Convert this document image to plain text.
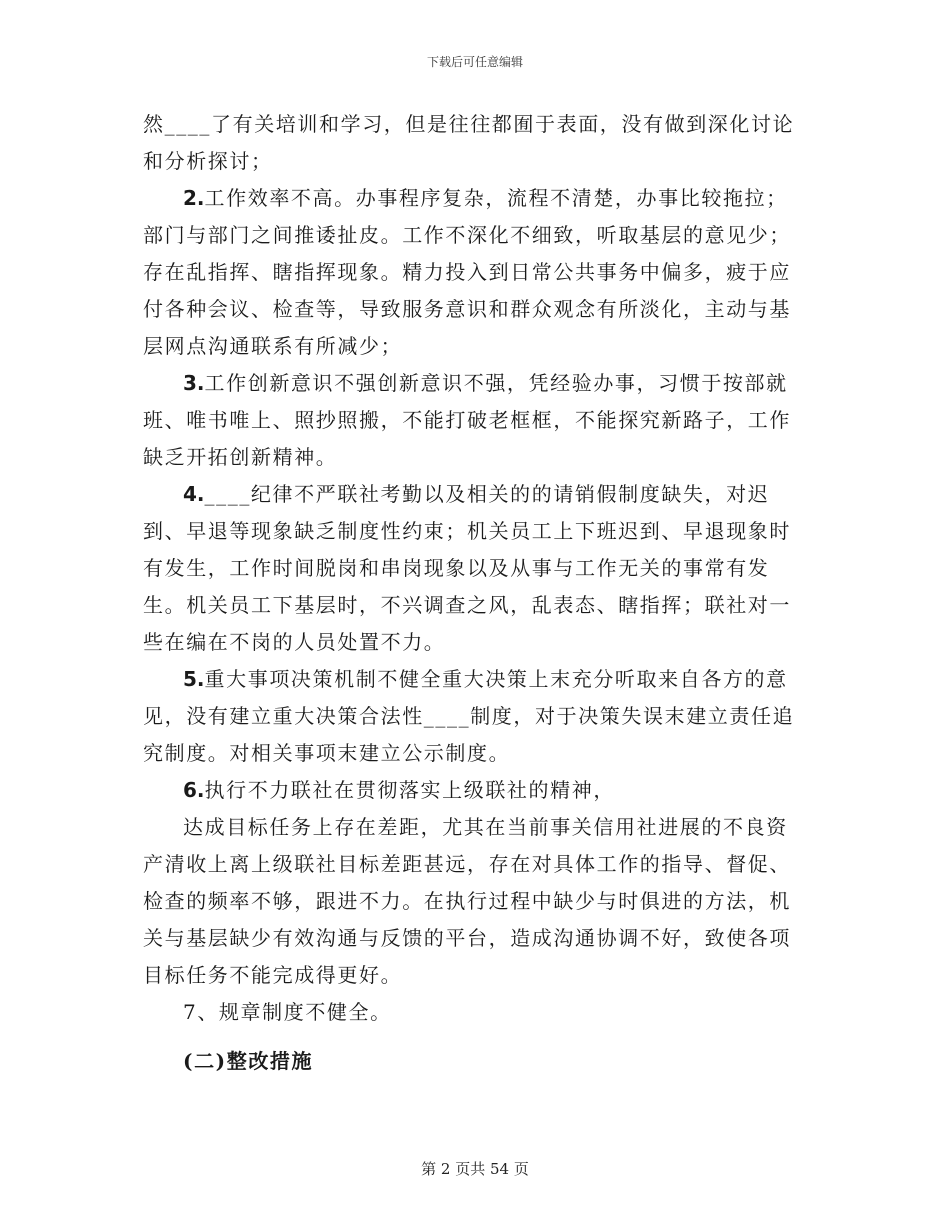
下载后可任意编辑

然____了有关培训和学习，但是往往都囿于表面，没有做到深化讨论和分析探讨；

2.工作效率不高。办事程序复杂，流程不清楚，办事比较拖拉；部门与部门之间推诿扯皮。工作不深化不细致，听取基层的意见少；存在乱指挥、瞎指挥现象。精力投入到日常公共事务中偏多，疲于应付各种会议、检查等，导致服务意识和群众观念有所淡化，主动与基层网点沟通联系有所减少；

3.工作创新意识不强创新意识不强，凭经验办事，习惯于按部就班、唯书唯上、照抄照搬，不能打破老框框，不能探究新路子，工作缺乏开拓创新精神。

4.____纪律不严联社考勤以及相关的的请销假制度缺失，对迟到、早退等现象缺乏制度性约束；机关员工上下班迟到、早退现象时有发生，工作时间脱岗和串岗现象以及从事与工作无关的事常有发生。机关员工下基层时，不兴调查之风，乱表态、瞎指挥；联社对一些在编在不岗的人员处置不力。

5.重大事项决策机制不健全重大决策上末充分听取来自各方的意见，没有建立重大决策合法性____制度，对于决策失误末建立责任追究制度。对相关事项末建立公示制度。

6.执行不力联社在贯彻落实上级联社的精神，

达成目标任务上存在差距，尤其在当前事关信用社进展的不良资产清收上离上级联社目标差距甚远，存在对具体工作的指导、督促、检查的频率不够，跟进不力。在执行过程中缺少与时俱进的方法，机关与基层缺少有效沟通与反馈的平台，造成沟通协调不好，致使各项目标任务不能完成得更好。

7、规章制度不健全。

(二)整改措施

第 2 页共 54 页
